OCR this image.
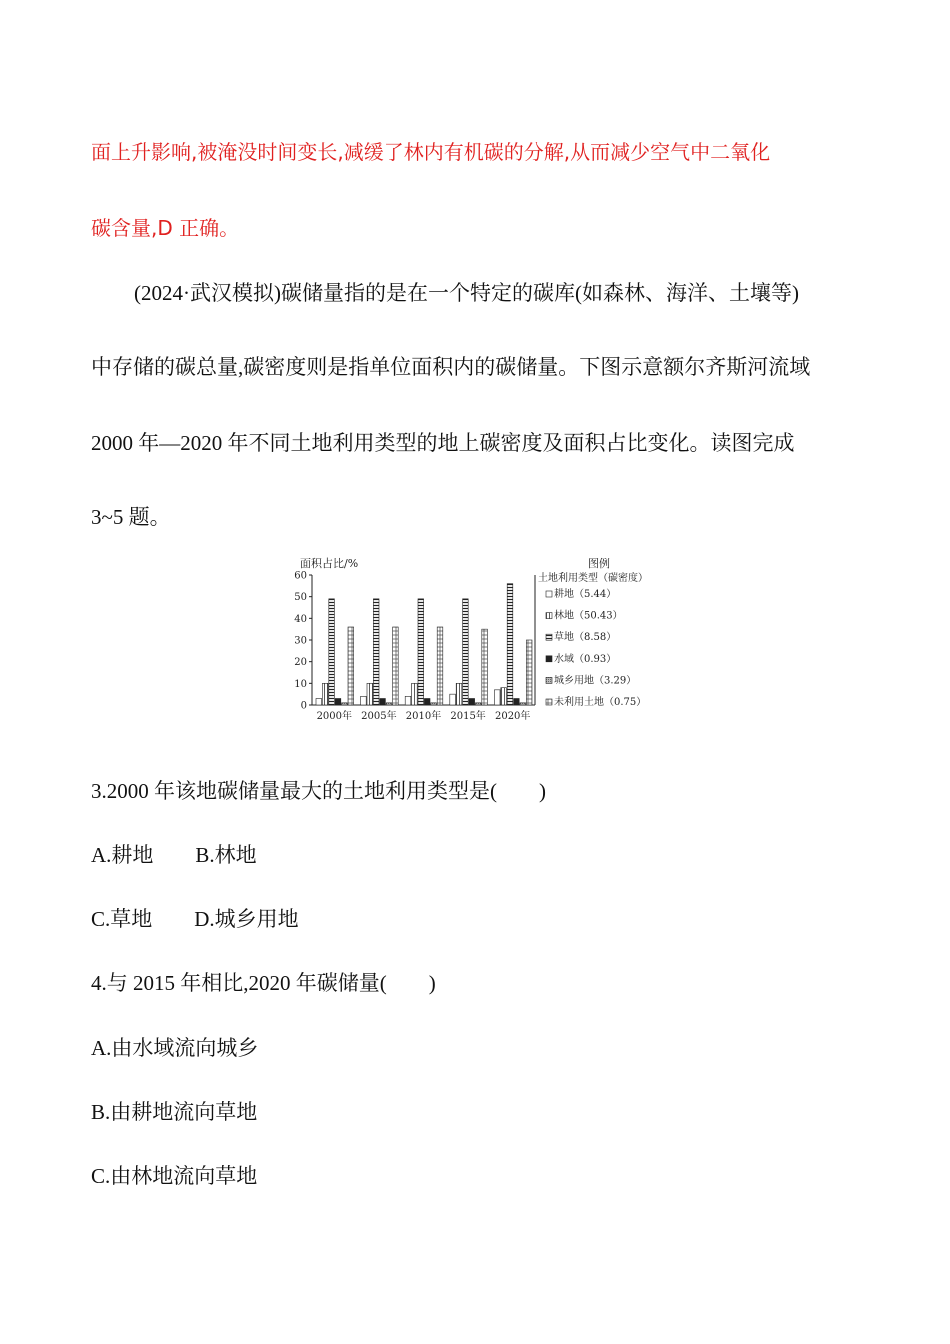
面上升影响,被淹没时间变长,减缓了林内有机碳的分解,从而减少空气中二氧化
碳含量,D 正确。
(2024·武汉模拟)碳储量指的是在一个特定的碳库(如森林、海洋、土壤等)
中存储的碳总量,碳密度则是指单位面积内的碳储量。下图示意额尔齐斯河流域
2000 年—2020 年不同土地利用类型的地上碳密度及面积占比变化。读图完成
3~5 题。
面积占比/%	图例
土地利用类型（碳密度）
0
10
20
30
40
50
60
2000年 2005年 2010年 2015年 2020年
耕地（5.44）
林地（50.43）
草地（8.58）
水域（0.93）
城乡用地（3.29）
未利用土地（0.75）
3.2000 年该地碳储量最大的土地利用类型是(　　)
A.耕地　　B.林地
C.草地　　D.城乡用地
4.与 2015 年相比,2020 年碳储量(　　)
A.由水域流向城乡
B.由耕地流向草地
C.由林地流向草地
